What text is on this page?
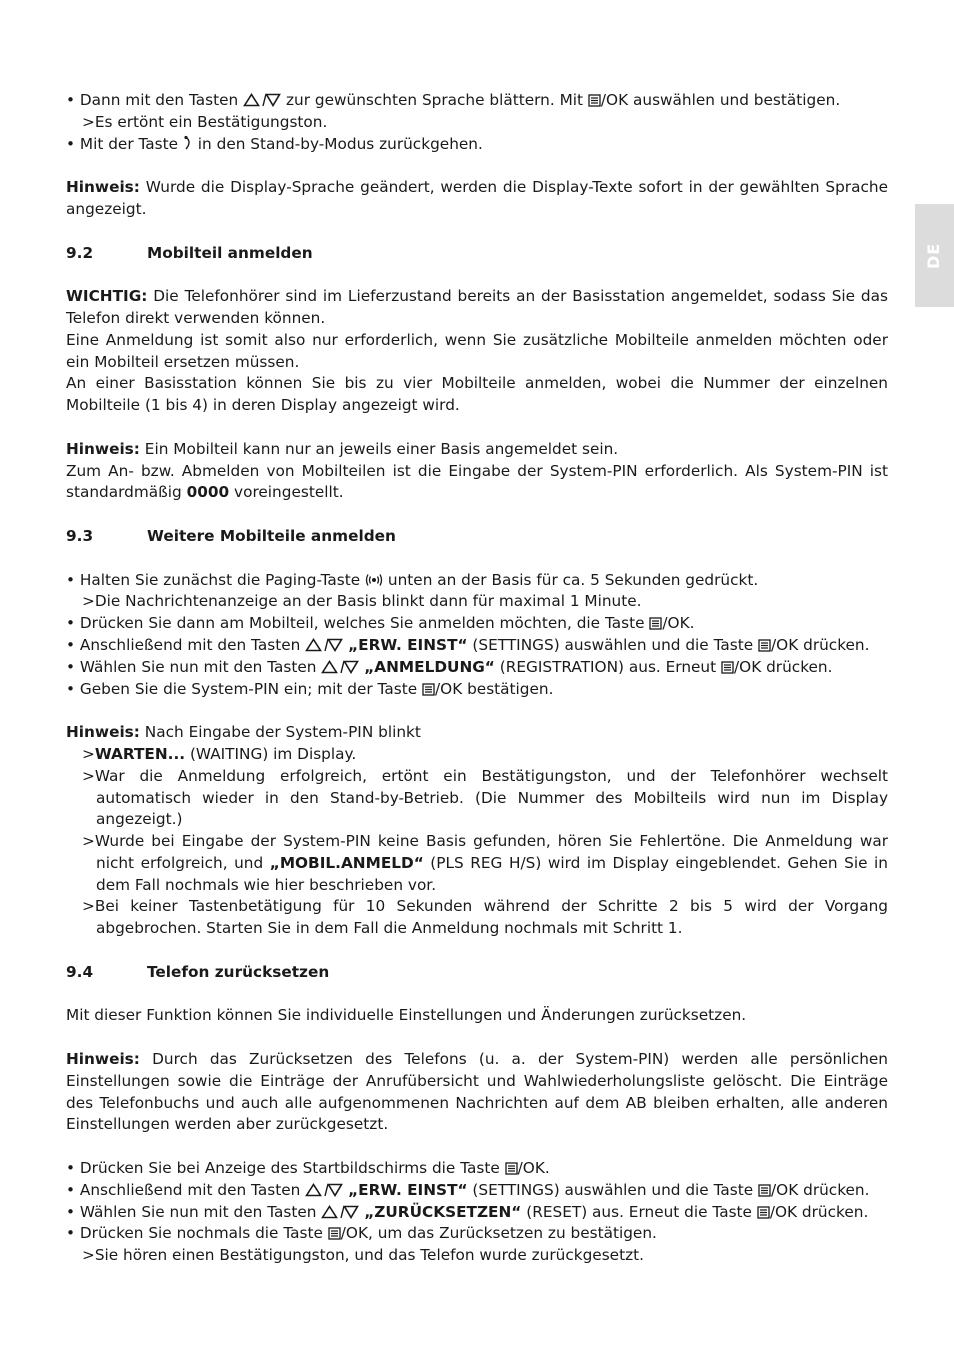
DE

• Dann mit den Tasten	zur gewünschten Sprache blättern. Mit /OK auswählen und bestätigen.

>Es ertönt ein Bestätigungston.

• Mit der Taste in den Stand-by-Modus zurückgehen.

Hinweis: Wurde die Display-Sprache geändert, werden die Display-Texte sofort in der gewählten Sprache angezeigt.

9.2	Mobilteil anmelden

WICHTIG: Die Telefonhörer sind im Lieferzustand bereits an der Basisstation angemeldet, sodass Sie das Telefon direkt verwenden können.

Eine Anmeldung ist somit also nur erforderlich, wenn Sie zusätzliche Mobilteile anmelden möchten oder ein Mobilteil ersetzen müssen.

An einer Basisstation können Sie bis zu vier Mobilteile anmelden, wobei die Nummer der einzelnen Mobilteile (1 bis 4) in deren Display angezeigt wird.

Hinweis: Ein Mobilteil kann nur an jeweils einer Basis angemeldet sein.

Zum An- bzw. Abmelden von Mobilteilen ist die Eingabe der System-PIN erforderlich. Als System-PIN ist standardmäßig 0000 voreingestellt.

9.3	Weitere Mobilteile anmelden

• Halten Sie zunächst die Paging-Taste unten an der Basis für ca. 5 Sekunden gedrückt.

>Die Nachrichtenanzeige an der Basis blinkt dann für maximal 1 Minute.

• Drücken Sie dann am Mobilteil, welches Sie anmelden möchten, die Taste /OK.

• Anschließend mit den Tasten	„ERW. EINST“ (SETTINGS) auswählen und die Taste /OK drücken.

• Wählen Sie nun mit den Tasten	„ANMELDUNG“ (REGISTRATION) aus. Erneut /OK drücken.

• Geben Sie die System-PIN ein; mit der Taste /OK bestätigen.

Hinweis: Nach Eingabe der System-PIN blinkt

>WARTEN... (WAITING) im Display.

>War die Anmeldung erfolgreich, ertönt ein Bestätigungston, und der Telefonhörer wechselt automatisch wieder in den Stand-by-Betrieb. (Die Nummer des Mobilteils wird nun im Display angezeigt.)

>Wurde bei Eingabe der System-PIN keine Basis gefunden, hören Sie Fehlertöne. Die Anmeldung war nicht erfolgreich, und „MOBIL.ANMELD“ (PLS REG H/S) wird im Display eingeblendet. Gehen Sie in dem Fall nochmals wie hier beschrieben vor.

>Bei keiner Tastenbetätigung für 10 Sekunden während der Schritte 2 bis 5 wird der Vorgang abgebrochen. Starten Sie in dem Fall die Anmeldung nochmals mit Schritt 1.

9.4	Telefon zurücksetzen

Mit dieser Funktion können Sie individuelle Einstellungen und Änderungen zurücksetzen.

Hinweis: Durch das Zurücksetzen des Telefons (u. a. der System-PIN) werden alle persönlichen Einstellungen sowie die Einträge der Anrufübersicht und Wahlwiederholungsliste gelöscht. Die Einträge des Telefonbuchs und auch alle aufgenommenen Nachrichten auf dem AB bleiben erhalten, alle anderen Einstellungen werden aber zurückgesetzt.

• Drücken Sie bei Anzeige des Startbildschirms die Taste /OK.

• Anschließend mit den Tasten	„ERW. EINST“ (SETTINGS) auswählen und die Taste /OK drücken.

• Wählen Sie nun mit den Tasten	„ZURÜCKSETZEN“ (RESET) aus. Erneut die Taste /OK drücken.

• Drücken Sie nochmals die Taste /OK, um das Zurücksetzen zu bestätigen.

>Sie hören einen Bestätigungston, und das Telefon wurde zurückgesetzt.
